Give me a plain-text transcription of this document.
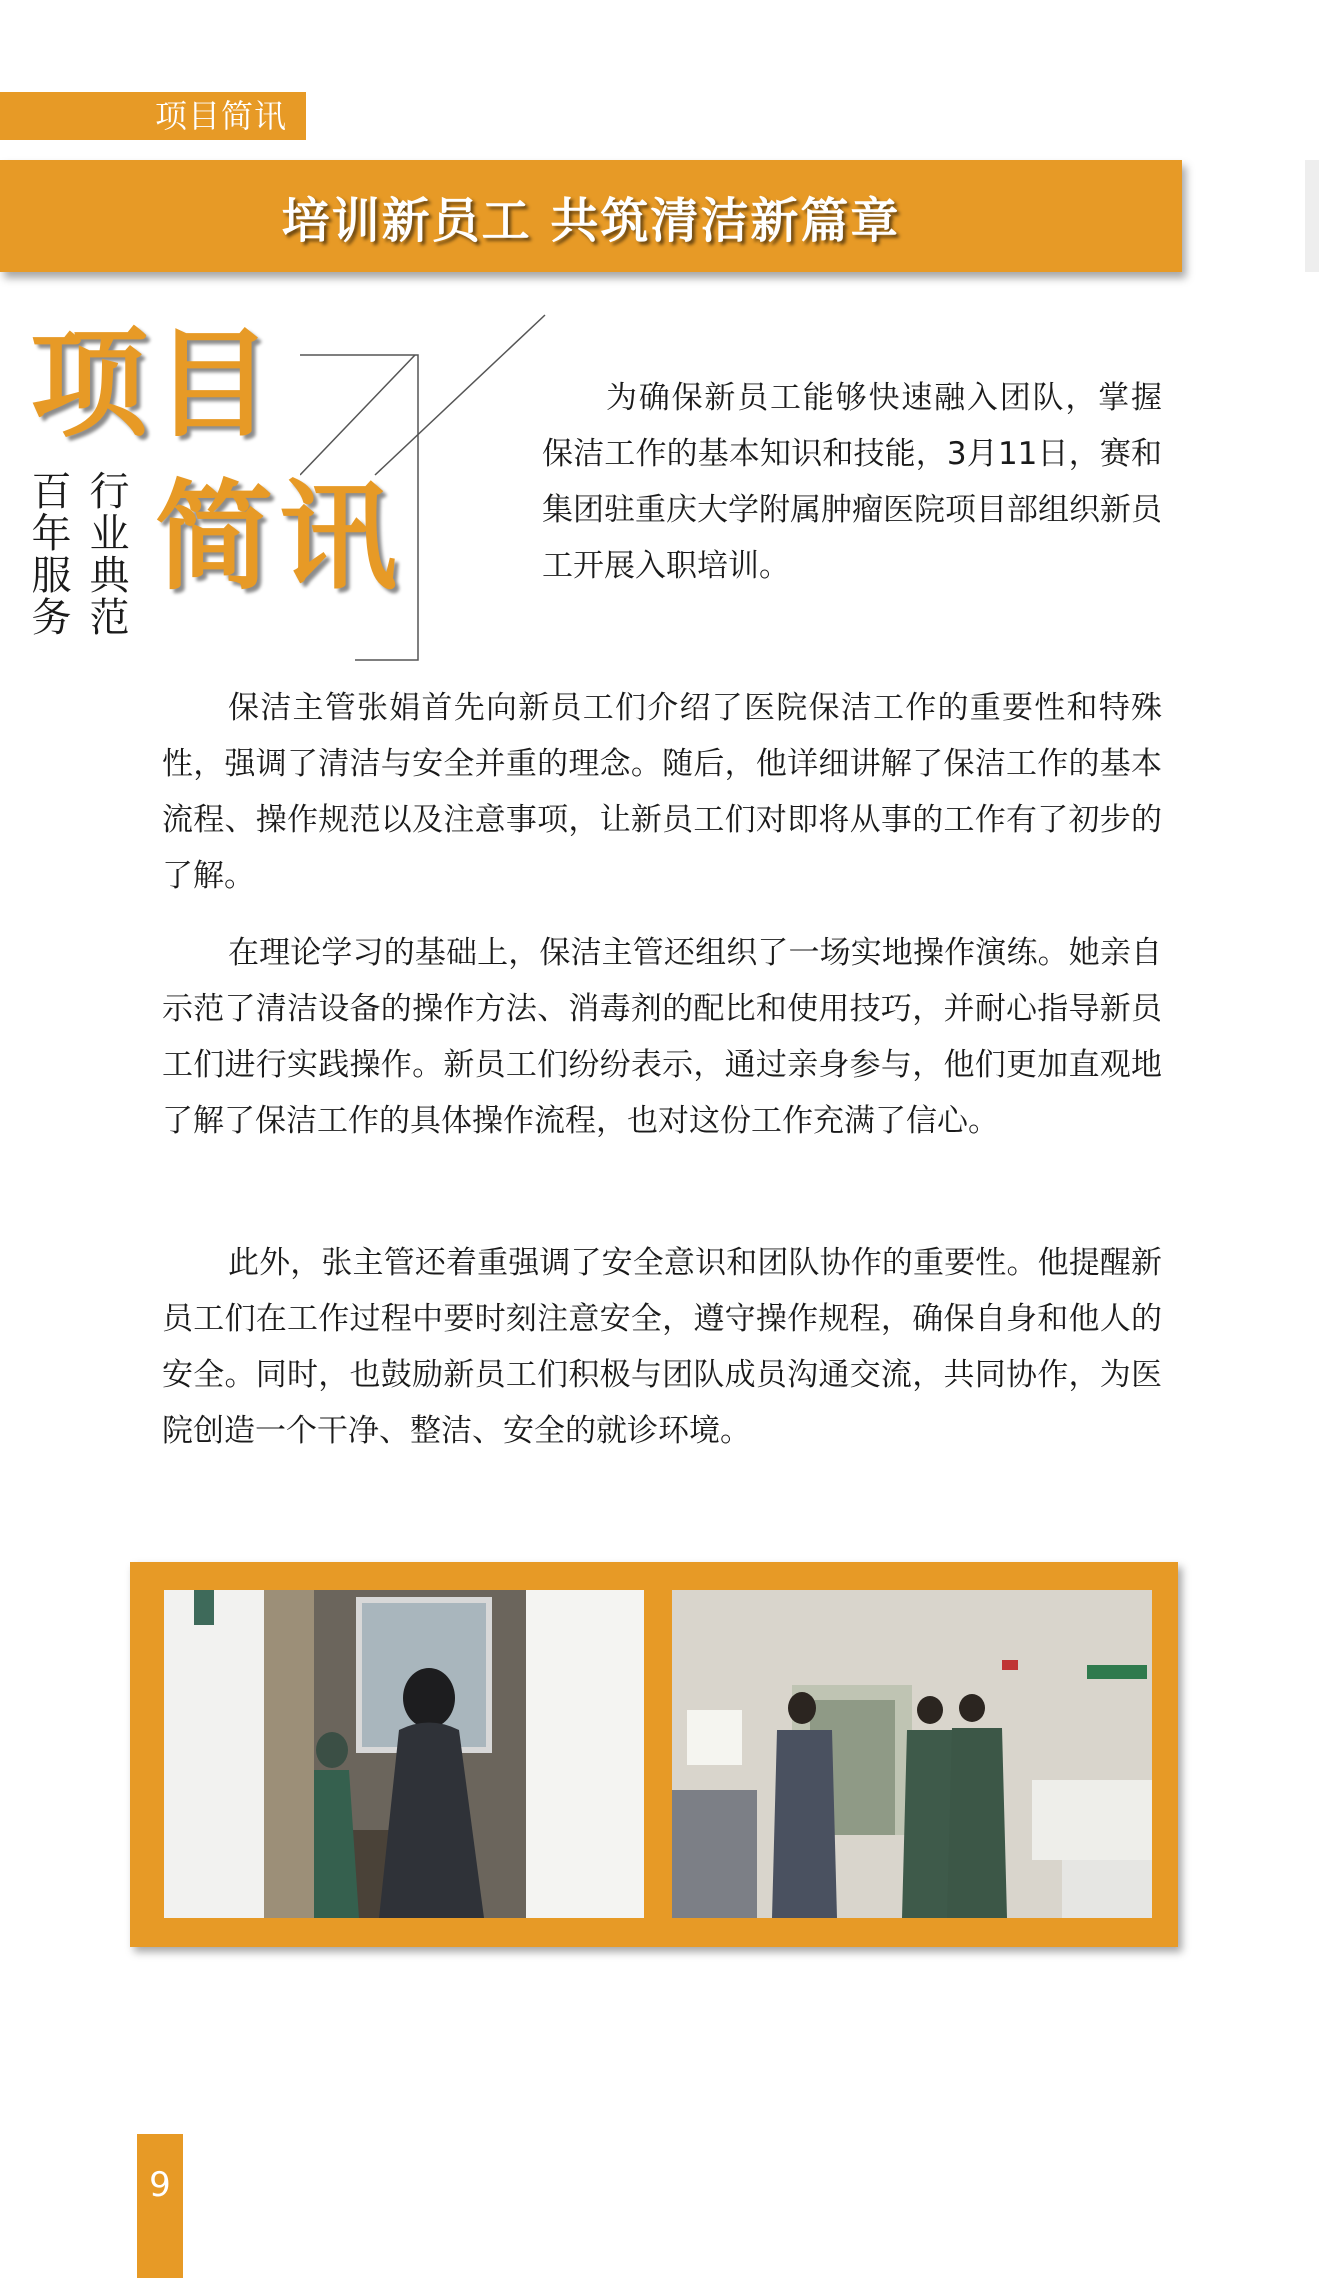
项目简讯
培训新员工 共筑清洁新篇章
项目
简讯
行业典范
百年服务
为确保新员工能够快速融入团队，掌握保洁工作的基本知识和技能，3月11日，赛和集团驻重庆大学附属肿瘤医院项目部组织新员工开展入职培训。

保洁主管张娟首先向新员工们介绍了医院保洁工作的重要性和特殊性，强调了清洁与安全并重的理念。随后，他详细讲解了保洁工作的基本流程、操作规范以及注意事项，让新员工们对即将从事的工作有了初步的了解。

在理论学习的基础上，保洁主管还组织了一场实地操作演练。她亲自示范了清洁设备的操作方法、消毒剂的配比和使用技巧，并耐心指导新员工们进行实践操作。新员工们纷纷表示，通过亲身参与，他们更加直观地了解了保洁工作的具体操作流程，也对这份工作充满了信心。

此外，张主管还着重强调了安全意识和团队协作的重要性。他提醒新员工们在工作过程中要时刻注意安全，遵守操作规程，确保自身和他人的安全。同时，也鼓励新员工们积极与团队成员沟通交流，共同协作，为医院创造一个干净、整洁、安全的就诊环境。

9
